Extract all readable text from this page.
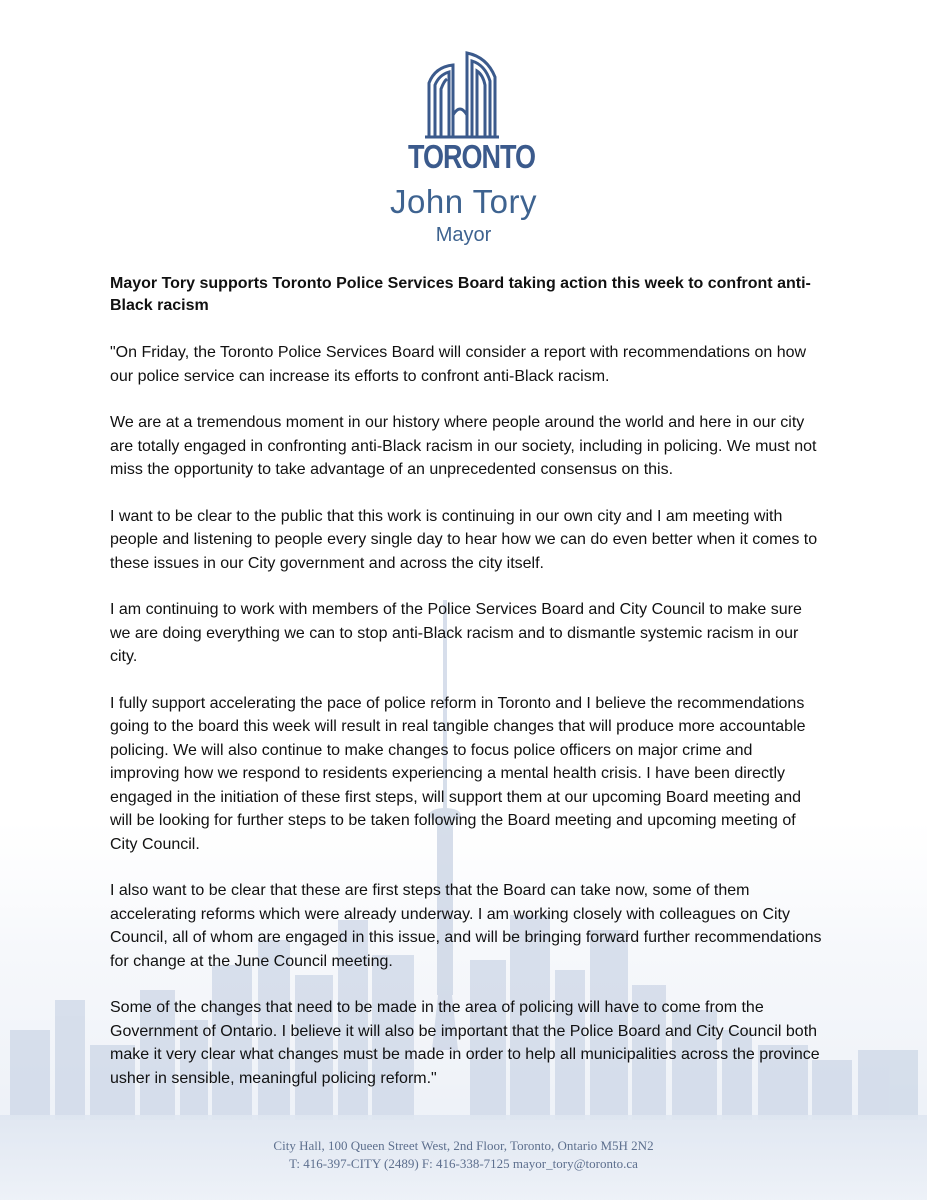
TORONTO
John Tory
Mayor
Mayor Tory supports Toronto Police Services Board taking action this week to confront anti-Black racism

"On Friday, the Toronto Police Services Board will consider a report with recommendations on how our police service can increase its efforts to confront anti-Black racism.

We are at a tremendous moment in our history where people around the world and here in our city are totally engaged in confronting anti-Black racism in our society, including in policing. We must not miss the opportunity to take advantage of an unprecedented consensus on this.

I want to be clear to the public that this work is continuing in our own city and I am meeting with people and listening to people every single day to hear how we can do even better when it comes to these issues in our City government and across the city itself.

I am continuing to work with members of the Police Services Board and City Council to make sure we are doing everything we can to stop anti-Black racism and to dismantle systemic racism in our city.

I fully support accelerating the pace of police reform in Toronto and I believe the recommendations going to the board this week will result in real tangible changes that will produce more accountable policing. We will also continue to make changes to focus police officers on major crime and improving how we respond to residents experiencing a mental health crisis. I have been directly engaged in the initiation of these first steps, will support them at our upcoming Board meeting and will be looking for further steps to be taken following the Board meeting and upcoming meeting of City Council.

I also want to be clear that these are first steps that the Board can take now, some of them accelerating reforms which were already underway. I am working closely with colleagues on City Council, all of whom are engaged in this issue, and will be bringing forward further recommendations for change at the June Council meeting.

Some of the changes that need to be made in the area of policing will have to come from the Government of Ontario. I believe it will also be important that the Police Board and City Council both make it very clear what changes must be made in order to help all municipalities across the province usher in sensible, meaningful policing reform."

City Hall, 100 Queen Street West, 2nd Floor, Toronto, Ontario M5H 2N2
T: 416-397-CITY (2489) F: 416-338-7125 mayor_tory@toronto.ca
